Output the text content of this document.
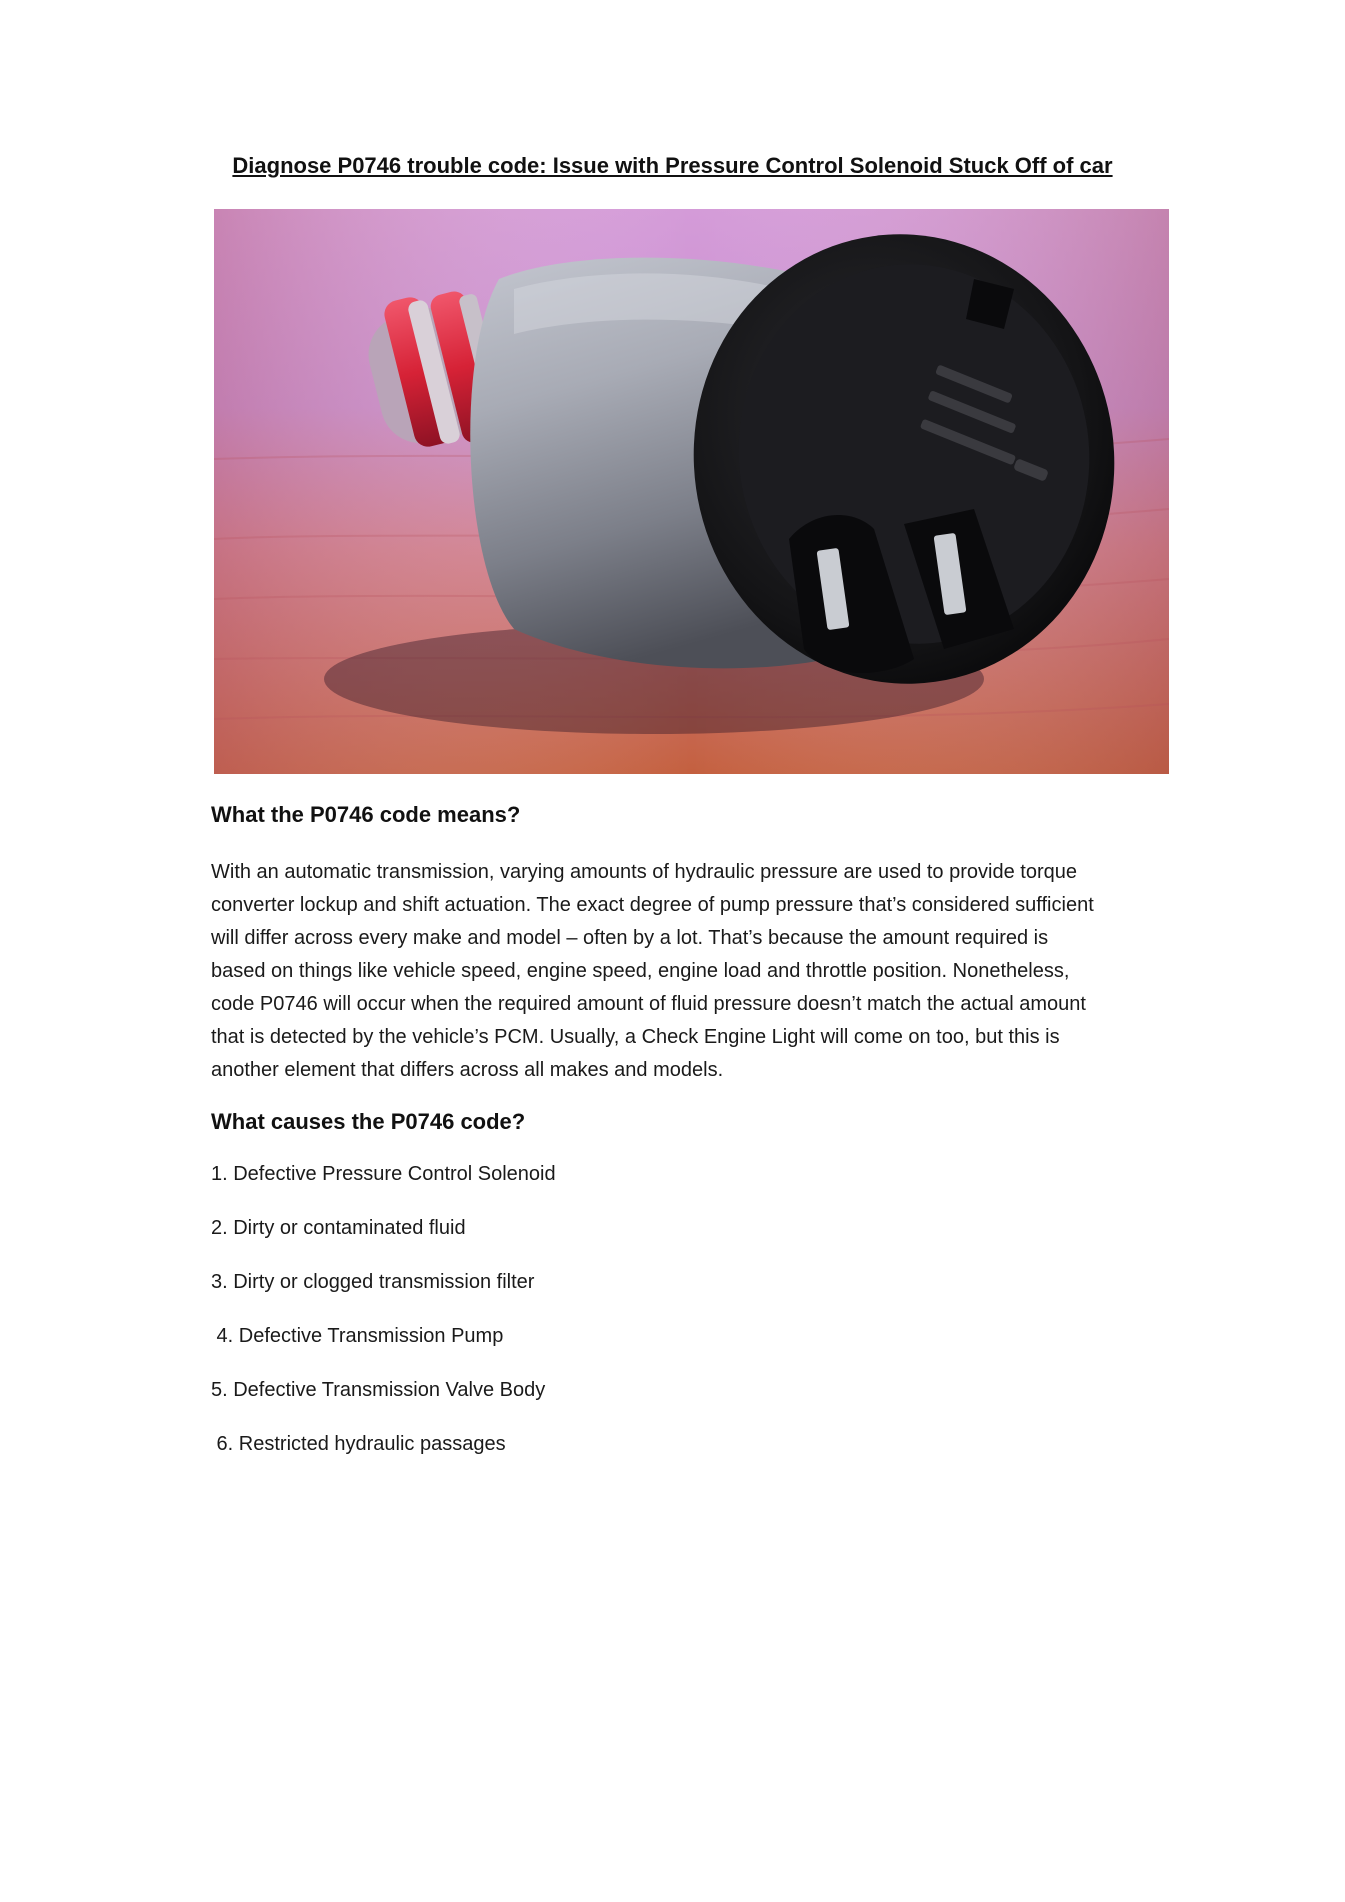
Diagnose P0746 trouble code: Issue with Pressure Control Solenoid Stuck Off of car
What the P0746 code means?

With an automatic transmission, varying amounts of hydraulic pressure are used to provide torque
converter lockup and shift actuation. The exact degree of pump pressure that’s considered sufficient
will differ across every make and model – often by a lot. That’s because the amount required is
based on things like vehicle speed, engine speed, engine load and throttle position. Nonetheless,
code P0746 will occur when the required amount of fluid pressure doesn’t match the actual amount
that is detected by the vehicle’s PCM. Usually, a Check Engine Light will come on too, but this is
another element that differs across all makes and models.

What causes the P0746 code?

1. Defective Pressure Control Solenoid

2. Dirty or contaminated fluid

3. Dirty or clogged transmission filter

4. Defective Transmission Pump

5. Defective Transmission Valve Body

6. Restricted hydraulic passages
